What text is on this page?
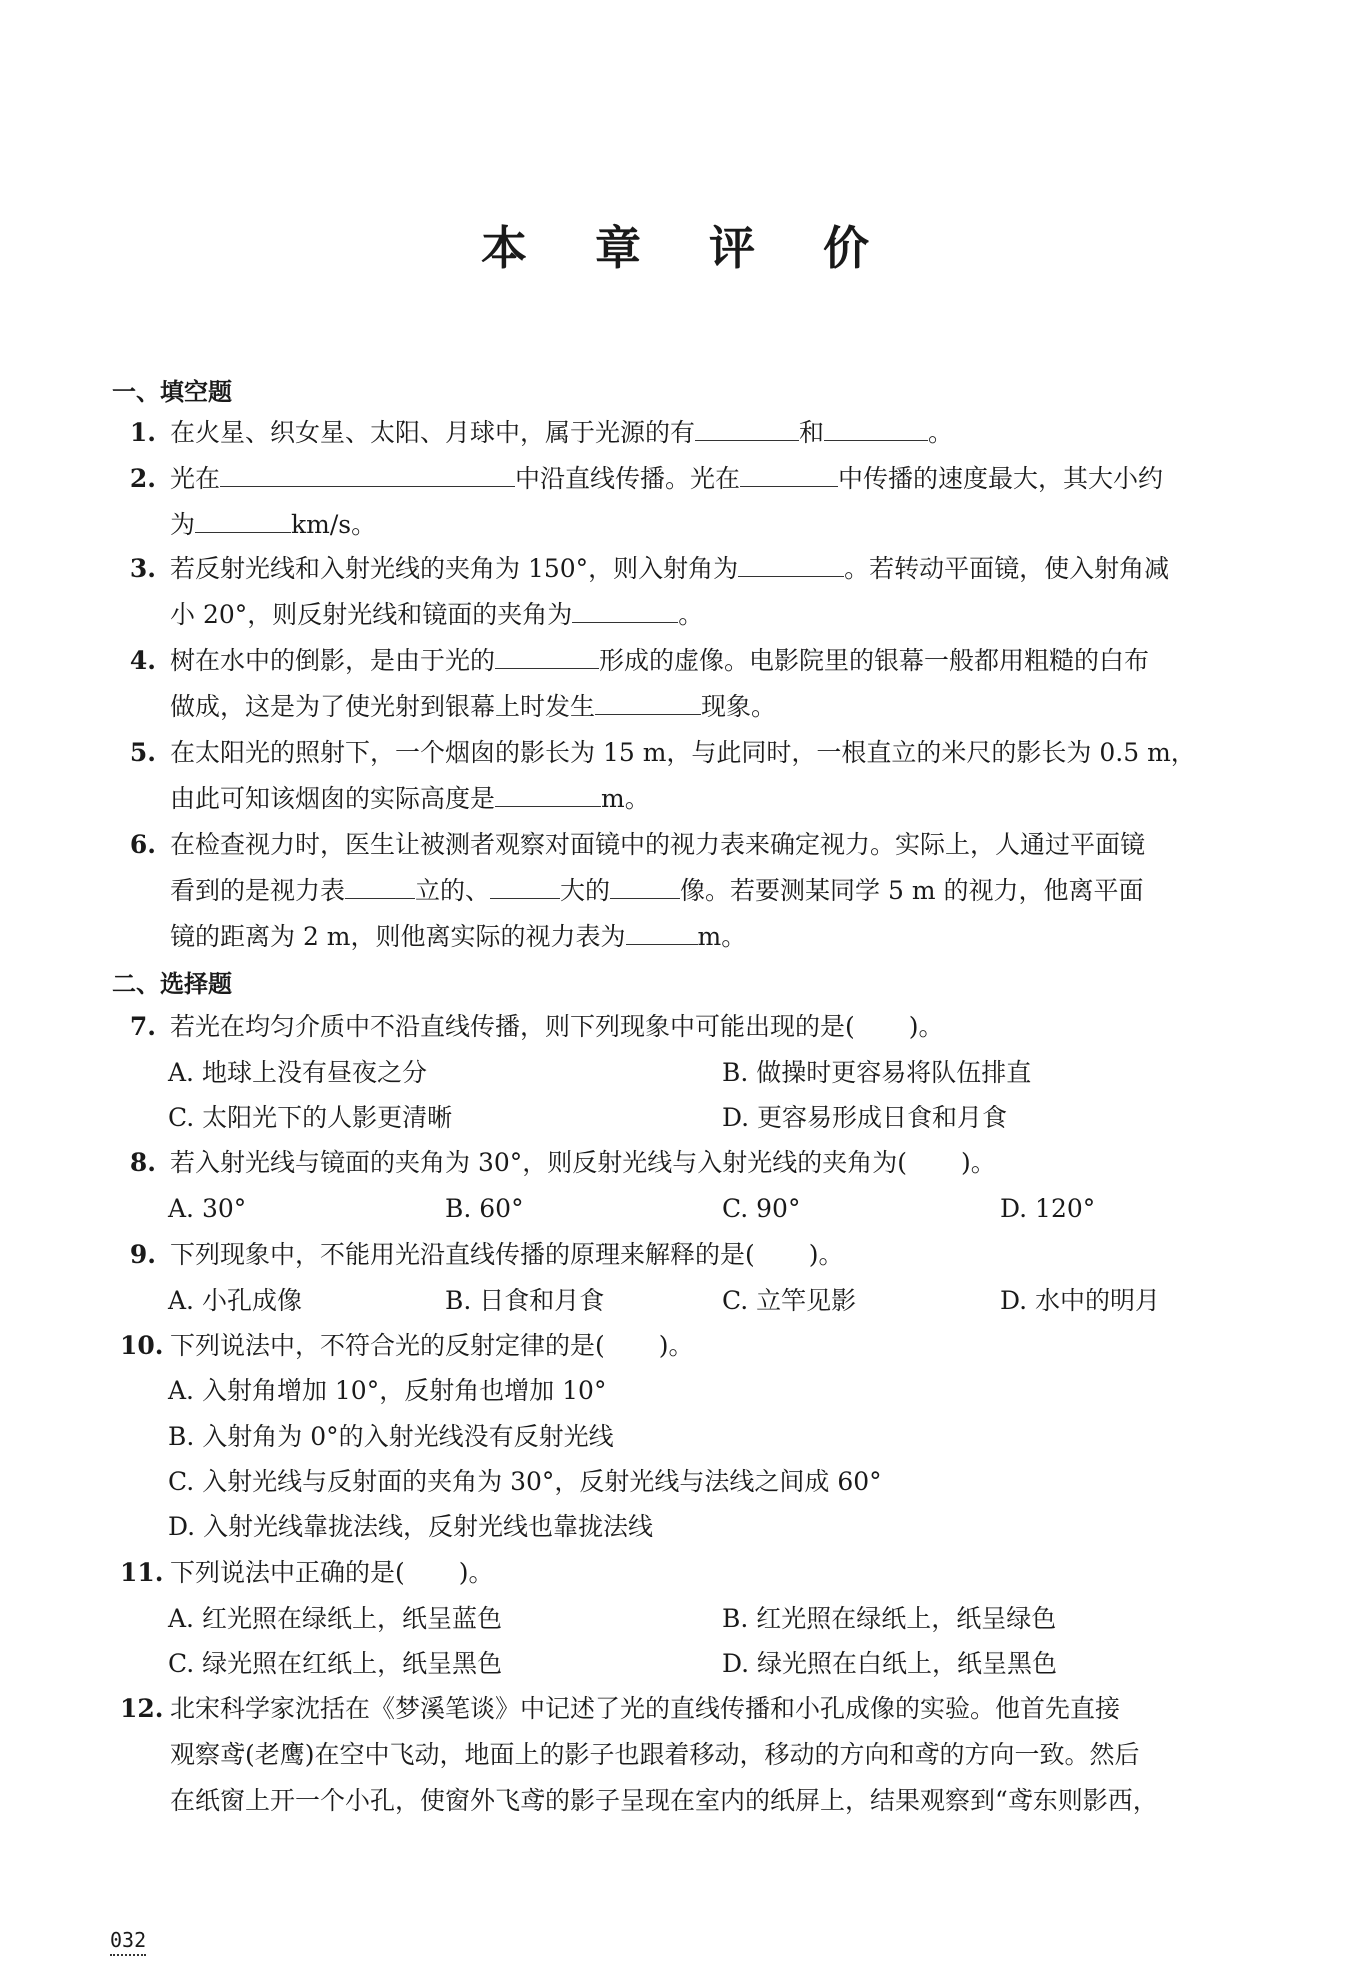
本 章 评 价
一、填空题
1. 在火星、织女星、太阳、月球中，属于光源的有	和	。
2. 光在	中沿直线传播。光在	中传播的速度最大，其大小约
为	km/s。
3. 若反射光线和入射光线的夹角为 150°，则入射角为	。若转动平面镜，使入射角减
小 20°，则反射光线和镜面的夹角为	。
4. 树在水中的倒影，是由于光的	形成的虚像。电影院里的银幕一般都用粗糙的白布
做成，这是为了使光射到银幕上时发生	现象。
5. 在太阳光的照射下，一个烟囱的影长为 15 m，与此同时，一根直立的米尺的影长为 0.5 m，
由此可知该烟囱的实际高度是	m。
6. 在检查视力时，医生让被测者观察对面镜中的视力表来确定视力。实际上，人通过平面镜
看到的是视力表	立的、	大的	像。若要测某同学 5 m 的视力，他离平面
镜的距离为 2 m，则他离实际的视力表为	m。
二、选择题
7. 若光在均匀介质中不沿直线传播，则下列现象中可能出现的是( )。
A. 地球上没有昼夜之分	B. 做操时更容易将队伍排直
C. 太阳光下的人影更清晰	D. 更容易形成日食和月食
8. 若入射光线与镜面的夹角为 30°，则反射光线与入射光线的夹角为( )。
A. 30°	B. 60°	C. 90°	D. 120°
9. 下列现象中，不能用光沿直线传播的原理来解释的是( )。
A. 小孔成像	B. 日食和月食	C. 立竿见影	D. 水中的明月
10. 下列说法中，不符合光的反射定律的是( )。
A. 入射角增加 10°，反射角也增加 10°
B. 入射角为 0°的入射光线没有反射光线
C. 入射光线与反射面的夹角为 30°，反射光线与法线之间成 60°
D. 入射光线靠拢法线，反射光线也靠拢法线
11. 下列说法中正确的是( )。
A. 红光照在绿纸上，纸呈蓝色	B. 红光照在绿纸上，纸呈绿色
C. 绿光照在红纸上，纸呈黑色	D. 绿光照在白纸上，纸呈黑色
12. 北宋科学家沈括在《梦溪笔谈》中记述了光的直线传播和小孔成像的实验。他首先直接
观察鸢(老鹰)在空中飞动，地面上的影子也跟着移动，移动的方向和鸢的方向一致。然后
在纸窗上开一个小孔，使窗外飞鸢的影子呈现在室内的纸屏上，结果观察到“鸢东则影西，
032
